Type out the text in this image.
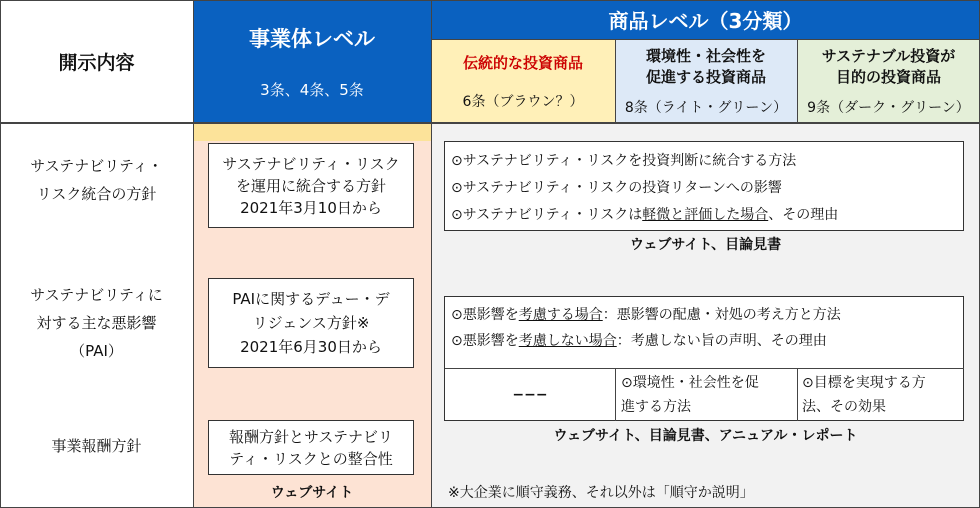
開示内容
事業体レベル
3条、4条、5条
商品レベル（3分類）
伝統的な投資商品
6条（ブラウン？）
環境性・社会性を
促進する投資商品
8条（ライト・グリーン）
サステナブル投資が
目的の投資商品
9条（ダーク・グリーン）
サステナビリティ・
リスク統合の方針
サステナビリティに
対する主な悪影響
（PAI）
事業報酬方針
サステナビリティ・リスク
を運用に統合する方針
2021年3月10日から
PAIに関するデュー・デ
リジェンス方針※
2021年6月30日から
報酬方針とサステナビリ
ティ・リスクとの整合性
ウェブサイト
⊙サステナビリティ・リスクを投資判断に統合する方法
⊙サステナビリティ・リスクの投資リターンへの影響
⊙サステナビリティ・リスクは軽微と評価した場合、その理由
ウェブサイト、目論見書
⊙悪影響を考慮する場合：悪影響の配慮・対処の考え方と方法
⊙悪影響を考慮しない場合：考慮しない旨の声明、その理由
−−−
⊙環境性・社会性を促
進する方法
⊙目標を実現する方
法、その効果
ウェブサイト、目論見書、アニュアル・レポート
※大企業に順守義務、それ以外は「順守か説明」
